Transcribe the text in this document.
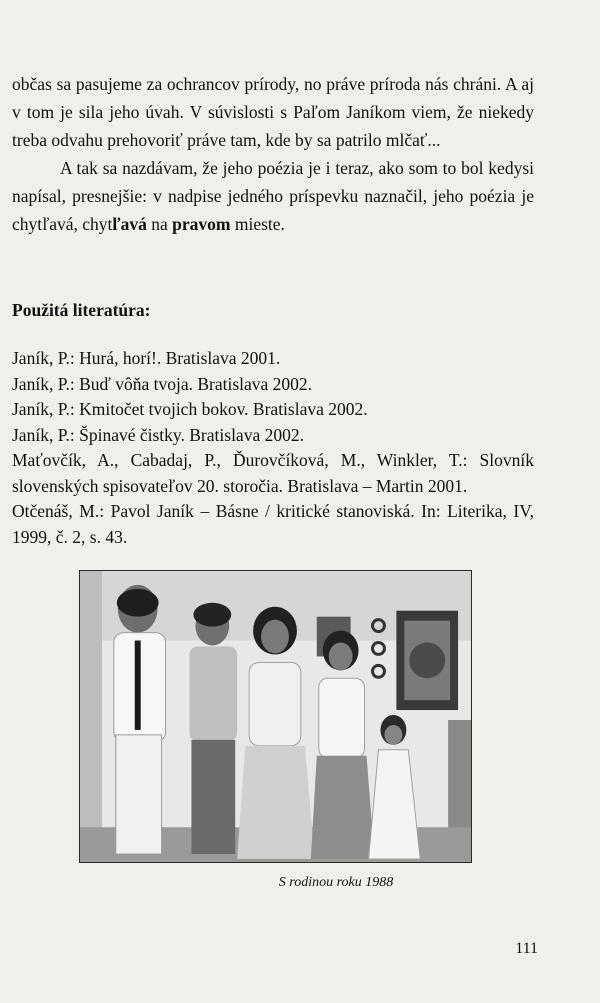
občas sa pasujeme za ochrancov prírody, no práve príroda nás chráni. A aj v tom je sila jeho úvah. V súvislosti s Paľom Janíkom viem, že niekedy treba odvahu prehovoriť práve tam, kde by sa patrilo mlčať...

A tak sa nazdávam, že jeho poézia je i teraz, ako som to bol kedysi napísal, presnejšie: v nadpise jedného príspevku naznačil, jeho poézia je chytľavá, chytľavá na pravom mieste.

Použitá literatúra:
Janík, P.: Hurá, horí!. Bratislava 2001.
Janík, P.: Buď vôňa tvoja. Bratislava 2002.
Janík, P.: Kmitočet tvojich bokov. Bratislava 2002.
Janík, P.: Špinavé čistky. Bratislava 2002.
Maťovčík, A., Cabadaj, P., Ďurovčíková, M., Winkler, T.: Slovník slovenských spisovateľov 20. storočia. Bratislava – Martin 2001.
Otčenáš, M.: Pavol Janík – Básne / kritické stanoviská. In: Literika, IV, 1999, č. 2, s. 43.
S rodinou roku 1988
111
